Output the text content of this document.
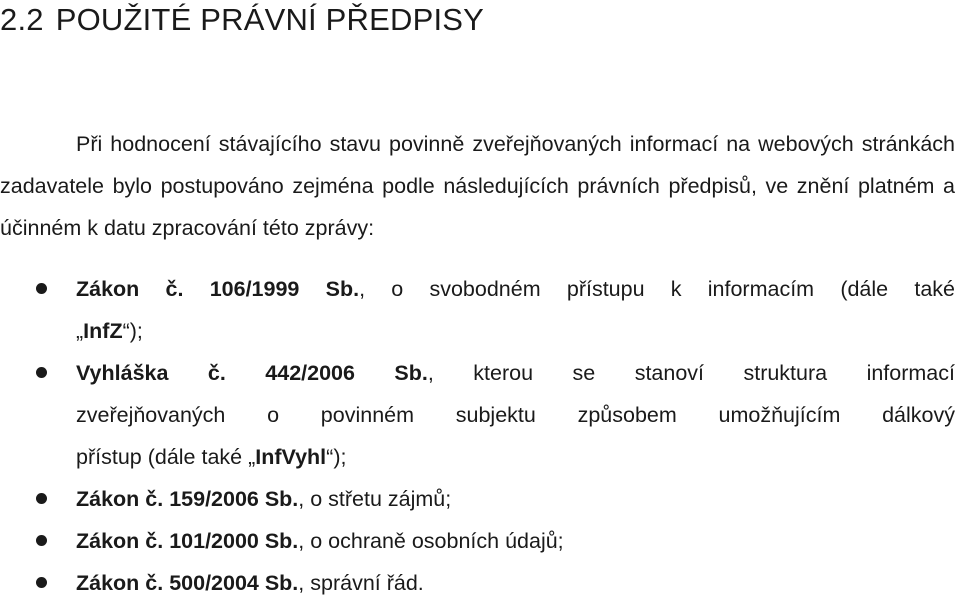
2.2 POUŽITÉ PRÁVNÍ PŘEDPISY

Při hodnocení stávajícího stavu povinně zveřejňovaných informací na webových stránkách zadavatele bylo postupováno zejména podle následujících právních předpisů, ve znění platném a účinném k datu zpracování této zprávy:

Zákon č. 106/1999 Sb., o svobodném přístupu k informacím (dále také
„InfZ“);
Vyhláška č. 442/2006 Sb., kterou se stanoví struktura informací
zveřejňovaných o povinném subjektu způsobem umožňujícím dálkový
přístup (dále také „InfVyhl“);
Zákon č. 159/2006 Sb., o střetu zájmů;
Zákon č. 101/2000 Sb., o ochraně osobních údajů;
Zákon č. 500/2004 Sb., správní řád.
